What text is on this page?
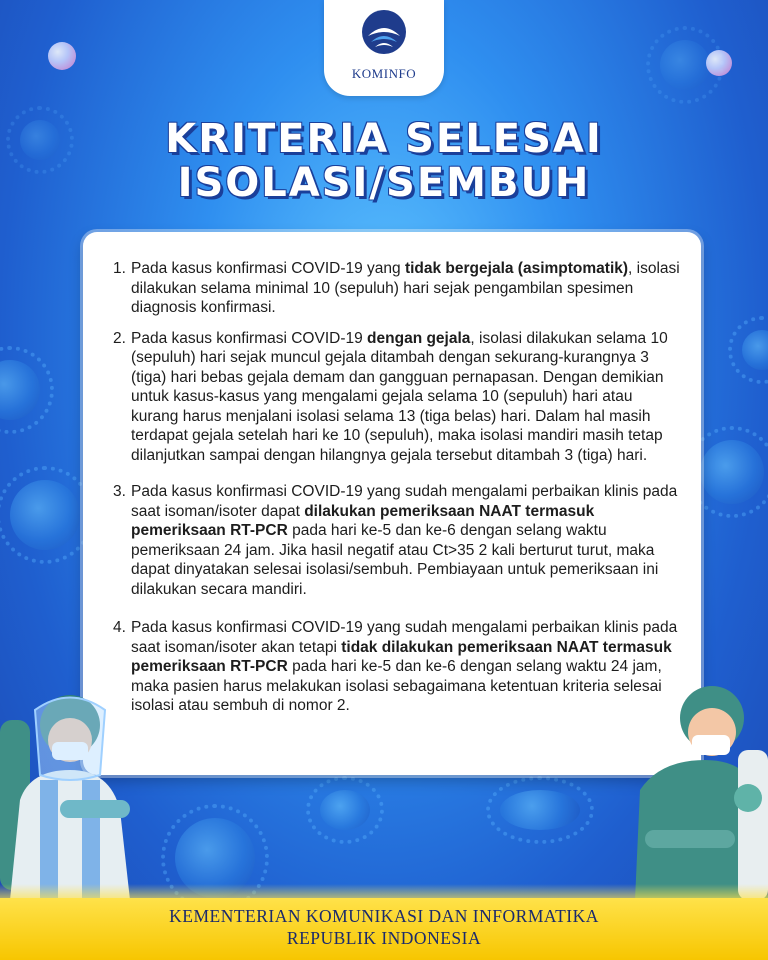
KOMINFO
KRITERIA SELESAI
ISOLASI/SEMBUH
1. Pada kasus konfirmasi COVID-19 yang tidak bergejala (asimptomatik), isolasi dilakukan selama minimal 10 (sepuluh) hari sejak pengambilan spesimen diagnosis konfirmasi.
2. Pada kasus konfirmasi COVID-19 dengan gejala, isolasi dilakukan selama 10 (sepuluh) hari sejak muncul gejala ditambah dengan sekurang-kurangnya 3 (tiga) hari bebas gejala demam dan gangguan pernapasan. Dengan demikian untuk kasus-kasus yang mengalami gejala selama 10 (sepuluh) hari atau kurang harus menjalani isolasi selama 13 (tiga belas) hari. Dalam hal masih terdapat gejala setelah hari ke 10 (sepuluh), maka isolasi mandiri masih tetap dilanjutkan sampai dengan hilangnya gejala tersebut ditambah 3 (tiga) hari.
3. Pada kasus konfirmasi COVID-19 yang sudah mengalami perbaikan klinis pada saat isoman/isoter dapat dilakukan pemeriksaan NAAT termasuk pemeriksaan RT-PCR pada hari ke-5 dan ke-6 dengan selang waktu pemeriksaan 24 jam. Jika hasil negatif atau Ct>35 2 kali berturut turut, maka dapat dinyatakan selesai isolasi/sembuh. Pembiayaan untuk pemeriksaan ini dilakukan secara mandiri.
4. Pada kasus konfirmasi COVID-19 yang sudah mengalami perbaikan klinis pada saat isoman/isoter akan tetapi tidak dilakukan pemeriksaan NAAT termasuk pemeriksaan RT-PCR pada hari ke-5 dan ke-6 dengan selang waktu 24 jam, maka pasien harus melakukan isolasi sebagaimana ketentuan kriteria selesai isolasi atau sembuh di nomor 2.
KEMENTERIAN KOMUNIKASI DAN INFORMATIKA
REPUBLIK INDONESIA
